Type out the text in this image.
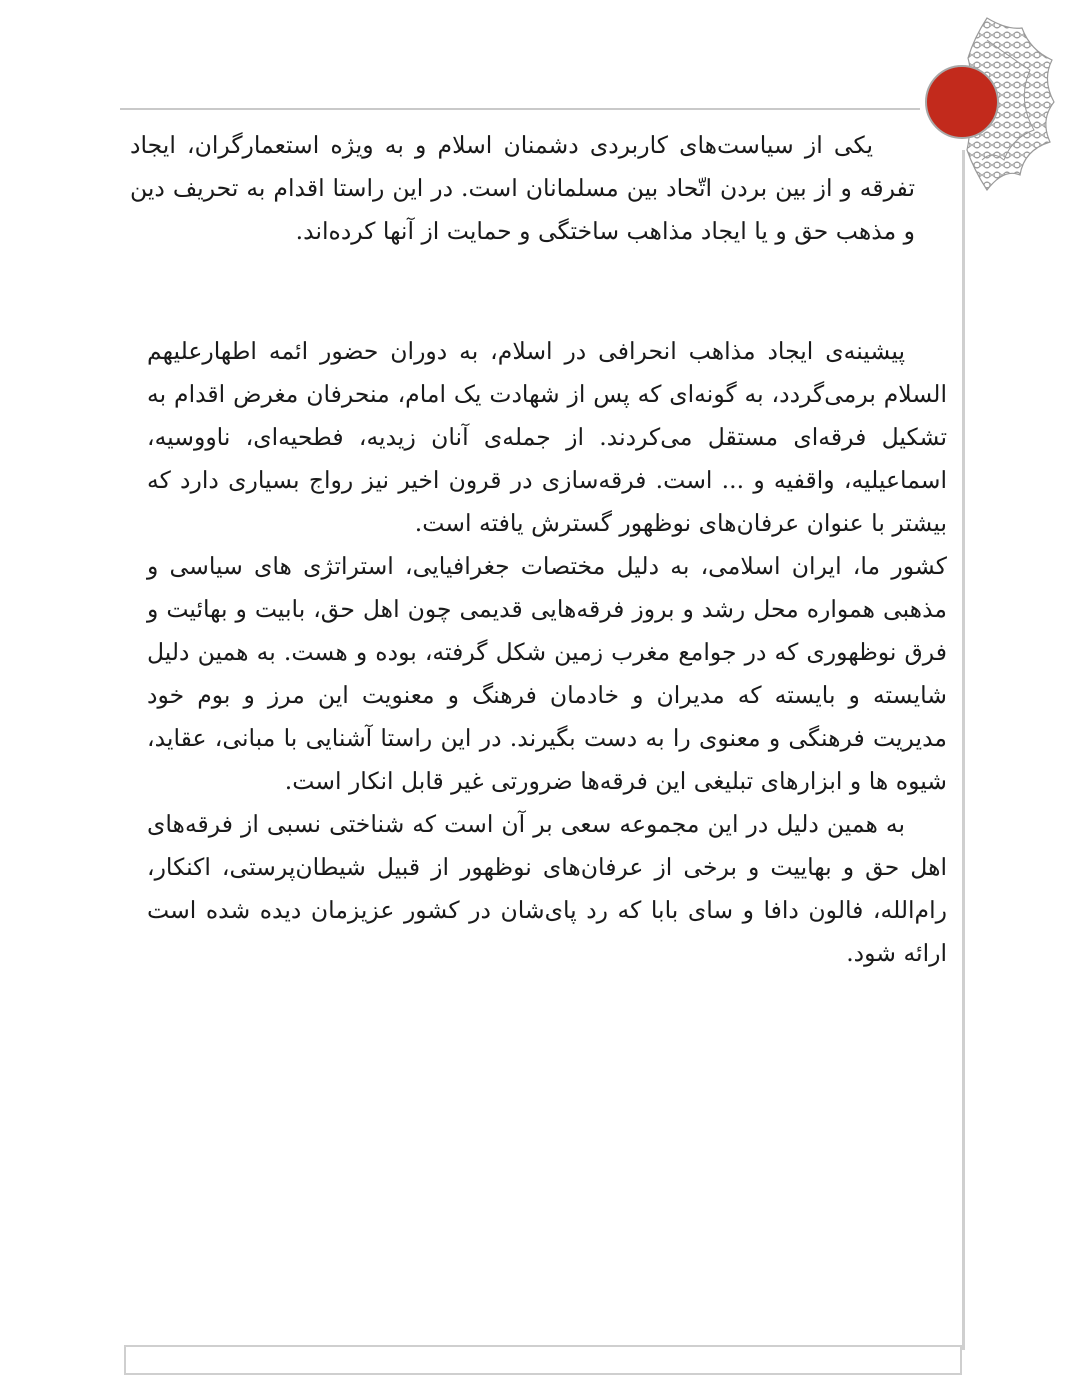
یکی از سیاست‌های کاربردی دشمنان اسلام و به ویژه استعمارگران، ایجاد تفرقه و از بین بردن اتّحاد بین مسلمانان است. در این راستا اقدام به تحریف دین و مذهب حق و یا ایجاد مذاهب ساختگی و حمایت از آنها کرده‌اند.

پیشینه‌ی ایجاد مذاهب انحرافی در اسلام، به دوران حضور ائمه اطهارعلیهم السلام برمی‌گردد، به گونه‌ای که پس از شهادت یک امام، منحرفان مغرض اقدام به تشکیل فرقه‌ای مستقل می‌کردند. از جمله‌ی آنان زیدیه، فطحیه‌ای، ناووسیه، اسماعیلیه، واقفیه و ... است. فرقه‌سازی در قرون اخیر نیز رواج بسیاری دارد که بیشتر با عنوان عرفان‌های نوظهور گسترش یافته است.

کشور ما، ایران اسلامی، به دلیل مختصات جغرافیایی، استراتژی های سیاسی و مذهبی همواره محل رشد و بروز فرقه‌هایی قدیمی چون اهل حق، بابیت و بهائیت و فرق نوظهوری که در جوامع مغرب زمین شکل گرفته، بوده و هست. به همین دلیل شایسته و بایسته که مدیران و خادمان فرهنگ و معنویت این مرز و بوم خود مدیریت فرهنگی و معنوی را به دست بگیرند. در این راستا آشنایی با مبانی، عقاید، شیوه ها و ابزارهای تبلیغی این فرقه‌ها ضرورتی غیر قابل انکار است.

به همین دلیل در این مجموعه سعی بر آن است که شناختی نسبی از فرقه‌های اهل حق و بهاییت و برخی از عرفان‌های نوظهور از قبیل شیطان‌پرستی، اکنکار، رام‌الله، فالون دافا و سای بابا که رد پای‌شان در کشور عزیزمان دیده شده است ارائه شود.
